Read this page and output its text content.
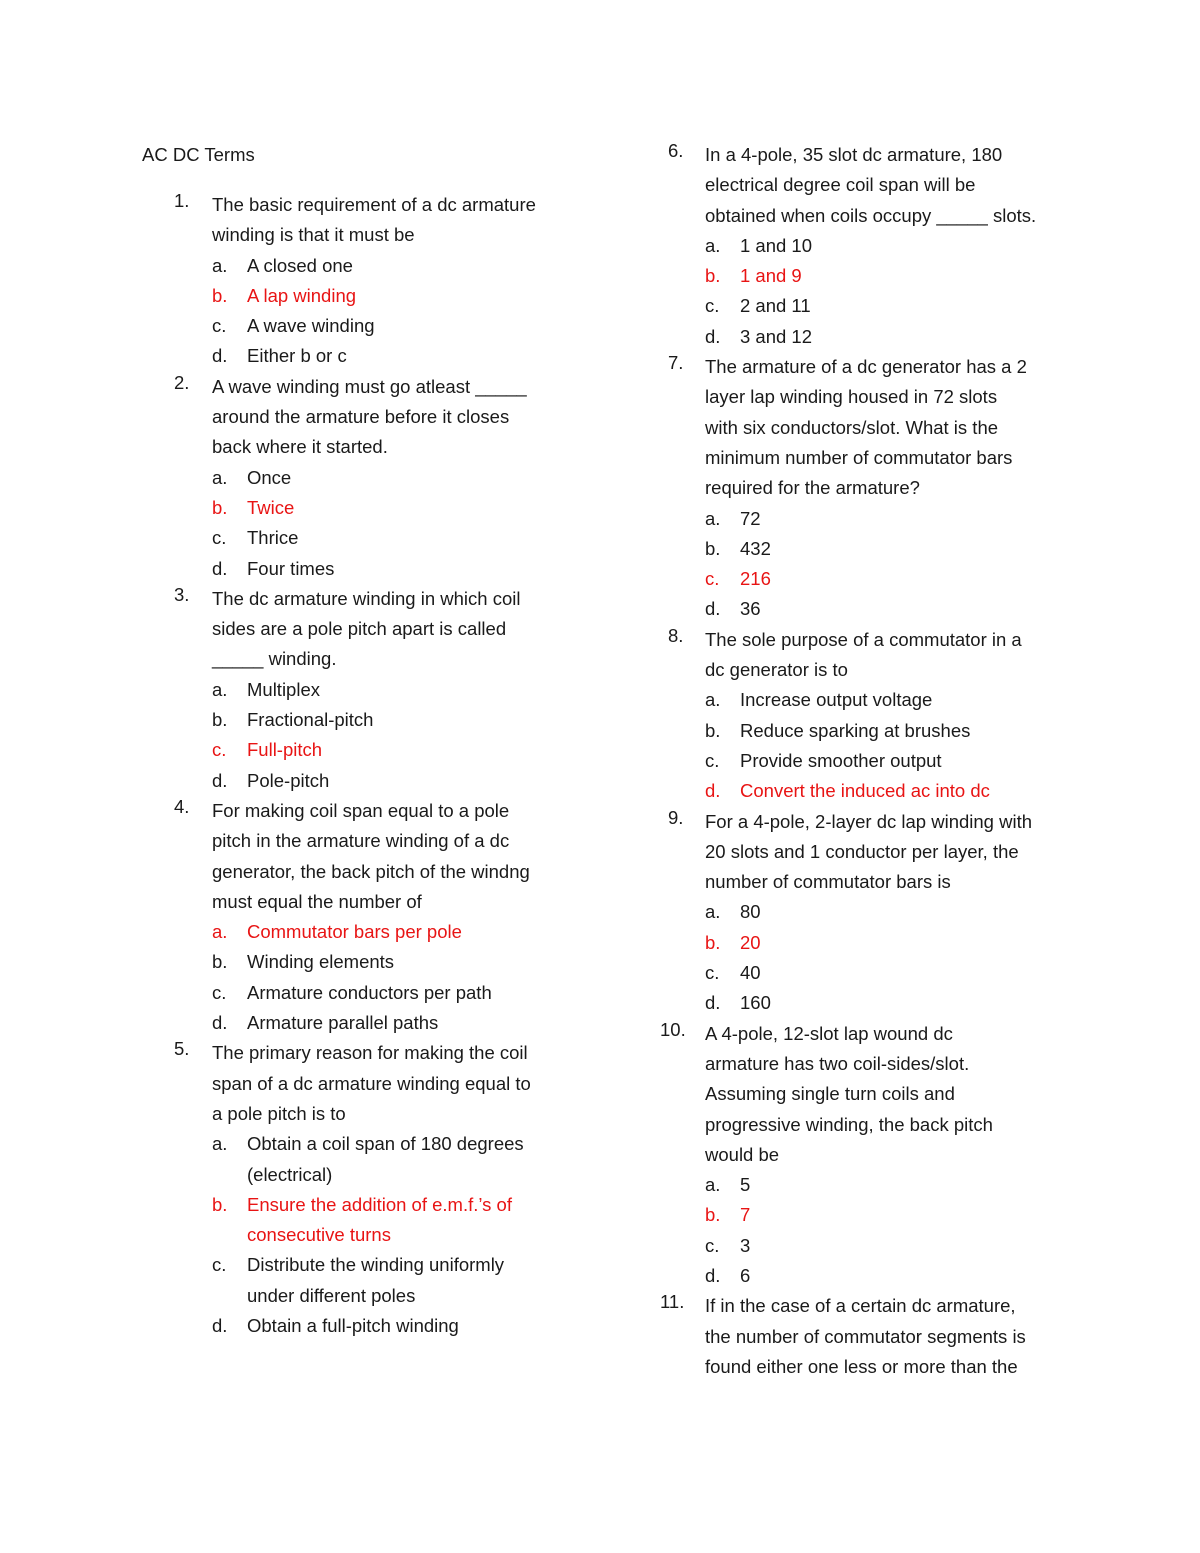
AC DC Terms
1. The basic requirement of a dc armature
winding is that it must be
a. A closed one
b. A lap winding
c. A wave winding
d. Either b or c
2. A wave winding must go atleast _____
around the armature before it closes
back where it started.
a. Once
b. Twice
c. Thrice
d. Four times
3. The dc armature winding in which coil
sides are a pole pitch apart is called
_____ winding.
a. Multiplex
b. Fractional-pitch
c. Full-pitch
d. Pole-pitch
4. For making coil span equal to a pole
pitch in the armature winding of a dc
generator, the back pitch of the windng
must equal the number of
a. Commutator bars per pole
b. Winding elements
c. Armature conductors per path
d. Armature parallel paths
5. The primary reason for making the coil
span of a dc armature winding equal to
a pole pitch is to
a. Obtain a coil span of 180 degrees
(electrical)
b. Ensure the addition of e.m.f.’s of
consecutive turns
c. Distribute the winding uniformly
under different poles
d. Obtain a full-pitch winding
6. In a 4-pole, 35 slot dc armature, 180
electrical degree coil span will be
obtained when coils occupy _____ slots.
a. 1 and 10
b. 1 and 9
c. 2 and 11
d. 3 and 12
7. The armature of a dc generator has a 2
layer lap winding housed in 72 slots
with six conductors/slot. What is the
minimum number of commutator bars
required for the armature?
a. 72
b. 432
c. 216
d. 36
8. The sole purpose of a commutator in a
dc generator is to
a. Increase output voltage
b. Reduce sparking at brushes
c. Provide smoother output
d. Convert the induced ac into dc
9. For a 4-pole, 2-layer dc lap winding with
20 slots and 1 conductor per layer, the
number of commutator bars is
a. 80
b. 20
c. 40
d. 160
10. A 4-pole, 12-slot lap wound dc
armature has two coil-sides/slot.
Assuming single turn coils and
progressive winding, the back pitch
would be
a. 5
b. 7
c. 3
d. 6
11. If in the case of a certain dc armature,
the number of commutator segments is
found either one less or more than the
